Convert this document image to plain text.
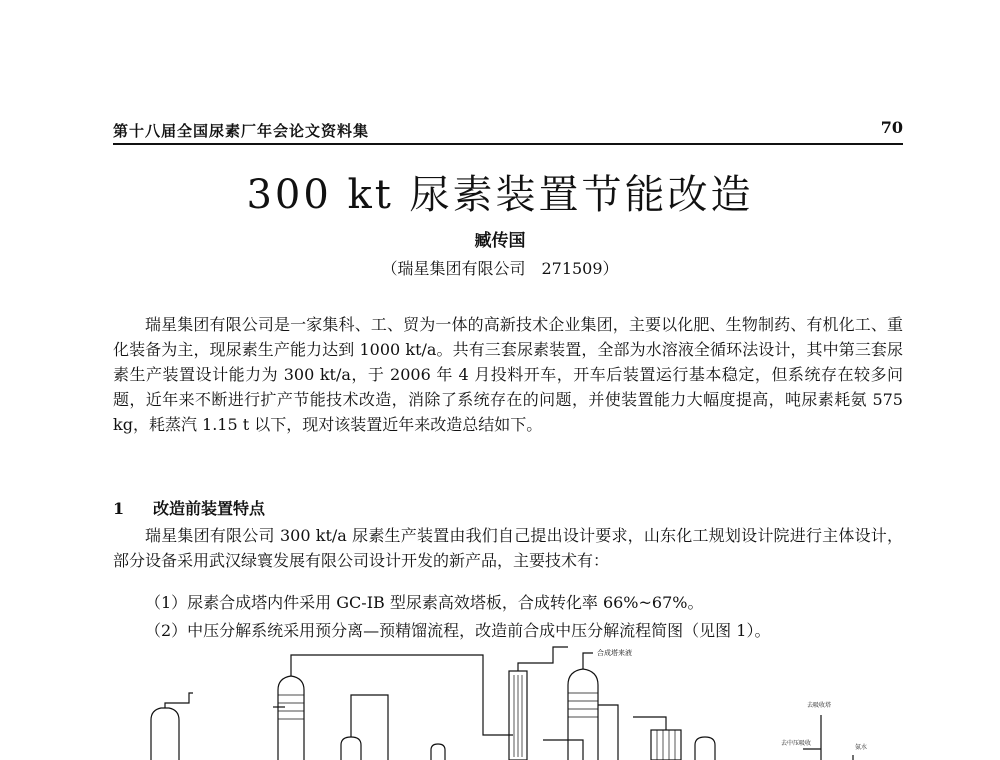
第十八届全国尿素厂年会论文资料集	70
300 kt 尿素装置节能改造
臧传国
（瑞星集团有限公司　271509）
瑞星集团有限公司是一家集科、工、贸为一体的高新技术企业集团，主要以化肥、生物制药、有机化工、重化装备为主，现尿素生产能力达到 1000 kt/a。共有三套尿素装置，全部为水溶液全循环法设计，其中第三套尿素生产装置设计能力为 300 kt/a，于 2006 年 4 月投料开车，开车后装置运行基本稳定，但系统存在较多问题，近年来不断进行扩产节能技术改造，消除了系统存在的问题，并使装置能力大幅度提高，吨尿素耗氨 575 kg，耗蒸汽 1.15 t 以下，现对该装置近年来改造总结如下。
1 改造前装置特点
瑞星集团有限公司 300 kt/a 尿素生产装置由我们自己提出设计要求，山东化工规划设计院进行主体设计，部分设备采用武汉绿寰发展有限公司设计开发的新产品，主要技术有：
（1）尿素合成塔内件采用 GC-IB 型尿素高效塔板，合成转化率 66%~67%。
（2）中压分解系统采用预分离—预精馏流程，改造前合成中压分解流程简图（见图 1）。
合成塔来液
去吸收塔
去中压吸收
氨水
